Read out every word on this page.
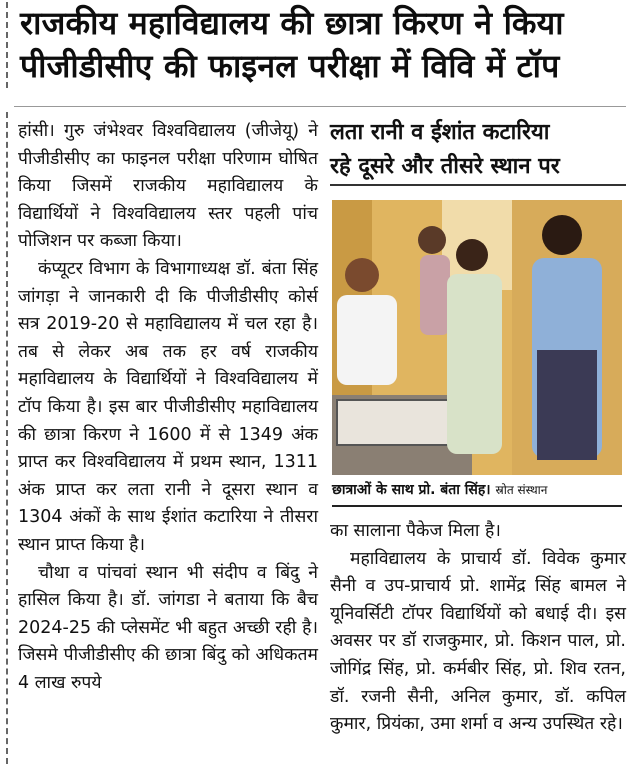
राजकीय महाविद्यालय की छात्रा किरण ने किया
पीजीडीसीए की फाइनल परीक्षा में विवि में टॉप

हांसी। गुरु जंभेश्वर विश्वविद्यालय (जीजेयू) ने पीजीडीसीए का फाइनल परीक्षा परिणाम घोषित किया जिसमें राजकीय महाविद्यालय के विद्यार्थियों ने विश्वविद्यालय स्तर पहली पांच पोजिशन पर कब्जा किया।

कंप्यूटर विभाग के विभागाध्यक्ष डॉ. बंता सिंह जांगड़ा ने जानकारी दी कि पीजीडीसीए कोर्स सत्र 2019-20 से महाविद्यालय में चल रहा है। तब से लेकर अब तक हर वर्ष राजकीय महाविद्यालय के विद्यार्थियों ने विश्वविद्यालय में टॉप किया है। इस बार पीजीडीसीए महाविद्यालय की छात्रा किरण ने 1600 में से 1349 अंक प्राप्त कर विश्वविद्यालय में प्रथम स्थान, 1311 अंक प्राप्त कर लता रानी ने दूसरा स्थान व 1304 अंकों के साथ ईशांत कटारिया ने तीसरा स्थान प्राप्त किया है।

चौथा व पांचवां स्थान भी संदीप व बिंदु ने हासिल किया है। डॉ. जांगडा ने बताया कि बैच 2024-25 की प्लेसमेंट भी बहुत अच्छी रही है। जिसमे पीजीडीसीए की छात्रा बिंदु को अधिकतम 4 लाख रुपये

लता रानी व ईशांत कटारिया
रहे दूसरे और तीसरे स्थान पर
छात्राओं के साथ प्रो. बंता सिंह। स्रोत संस्थान

का सालाना पैकेज मिला है।

महाविद्यालय के प्राचार्य डॉ. विवेक कुमार सैनी व उप-प्राचार्य प्रो. शामेंद्र सिंह बामल ने यूनिवर्सिटी टॉपर विद्यार्थियों को बधाई दी। इस अवसर पर डॉ राजकुमार, प्रो. किशन पाल, प्रो. जोगिंद्र सिंह, प्रो. कर्मबीर सिंह, प्रो. शिव रतन, डॉ. रजनी सैनी, अनिल कुमार, डॉ. कपिल कुमार, प्रियंका, उमा शर्मा व अन्य उपस्थित रहे।
